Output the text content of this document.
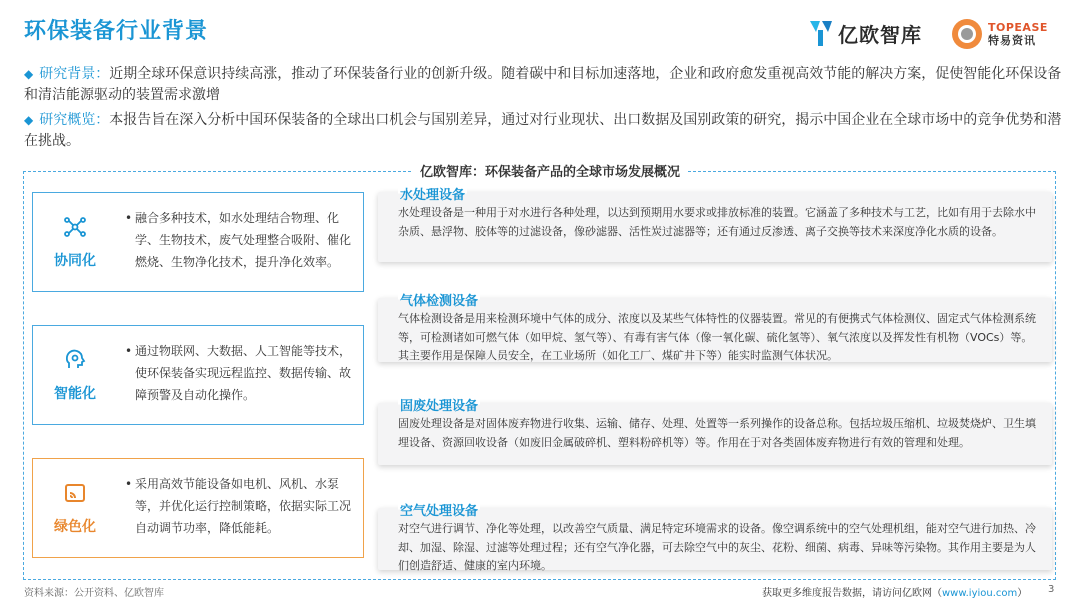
环保装备行业背景	亿欧智库	TOPEASE
特易资讯
◆ 研究背景：近期全球环保意识持续高涨，推动了环保装备行业的创新升级。随着碳中和目标加速落地，企业和政府愈发重视高效节能的解决方案，促使智能化环保设备和清洁能源驱动的装置需求激增
◆ 研究概览：本报告旨在深入分析中国环保装备的全球出口机会与国别差异，通过对行业现状、出口数据及国别政策的研究，揭示中国企业在全球市场中的竞争优势和潜在挑战。
亿欧智库：环保装备产品的全球市场发展概况
协同化
• 融合多种技术，如水处理结合物理、化学、生物技术，废气处理整合吸附、催化燃烧、生物净化技术，提升净化效率。
智能化
• 通过物联网、大数据、人工智能等技术，使环保装备实现远程监控、数据传输、故障预警及自动化操作。
绿色化
• 采用高效节能设备如电机、风机、水泵等，并优化运行控制策略，依据实际工况自动调节功率，降低能耗。
水处理设备
水处理设备是一种用于对水进行各种处理，以达到预期用水要求或排放标准的装置。它涵盖了多种技术与工艺，比如有用于去除水中杂质、悬浮物、胶体等的过滤设备，像砂滤器、活性炭过滤器等；还有通过反渗透、离子交换等技术来深度净化水质的设备。
气体检测设备
气体检测设备是用来检测环境中气体的成分、浓度以及某些气体特性的仪器装置。常见的有便携式气体检测仪、固定式气体检测系统等，可检测诸如可燃气体（如甲烷、氢气等）、有毒有害气体（像一氧化碳、硫化氢等）、氧气浓度以及挥发性有机物（VOCs）等。其主要作用是保障人员安全，在工业场所（如化工厂、煤矿井下等）能实时监测气体状况。
固废处理设备
固废处理设备是对固体废弃物进行收集、运输、储存、处理、处置等一系列操作的设备总称。包括垃圾压缩机、垃圾焚烧炉、卫生填埋设备、资源回收设备（如废旧金属破碎机、塑料粉碎机等）等。作用在于对各类固体废弃物进行有效的管理和处理。
空气处理设备
对空气进行调节、净化等处理，以改善空气质量、满足特定环境需求的设备。像空调系统中的空气处理机组，能对空气进行加热、冷却、加湿、除湿、过滤等处理过程；还有空气净化器，可去除空气中的灰尘、花粉、细菌、病毒、异味等污染物。其作用主要是为人们创造舒适、健康的室内环境。
资料来源：公开资料、亿欧智库	获取更多维度报告数据，请访问亿欧网（www.iyiou.com） 3
